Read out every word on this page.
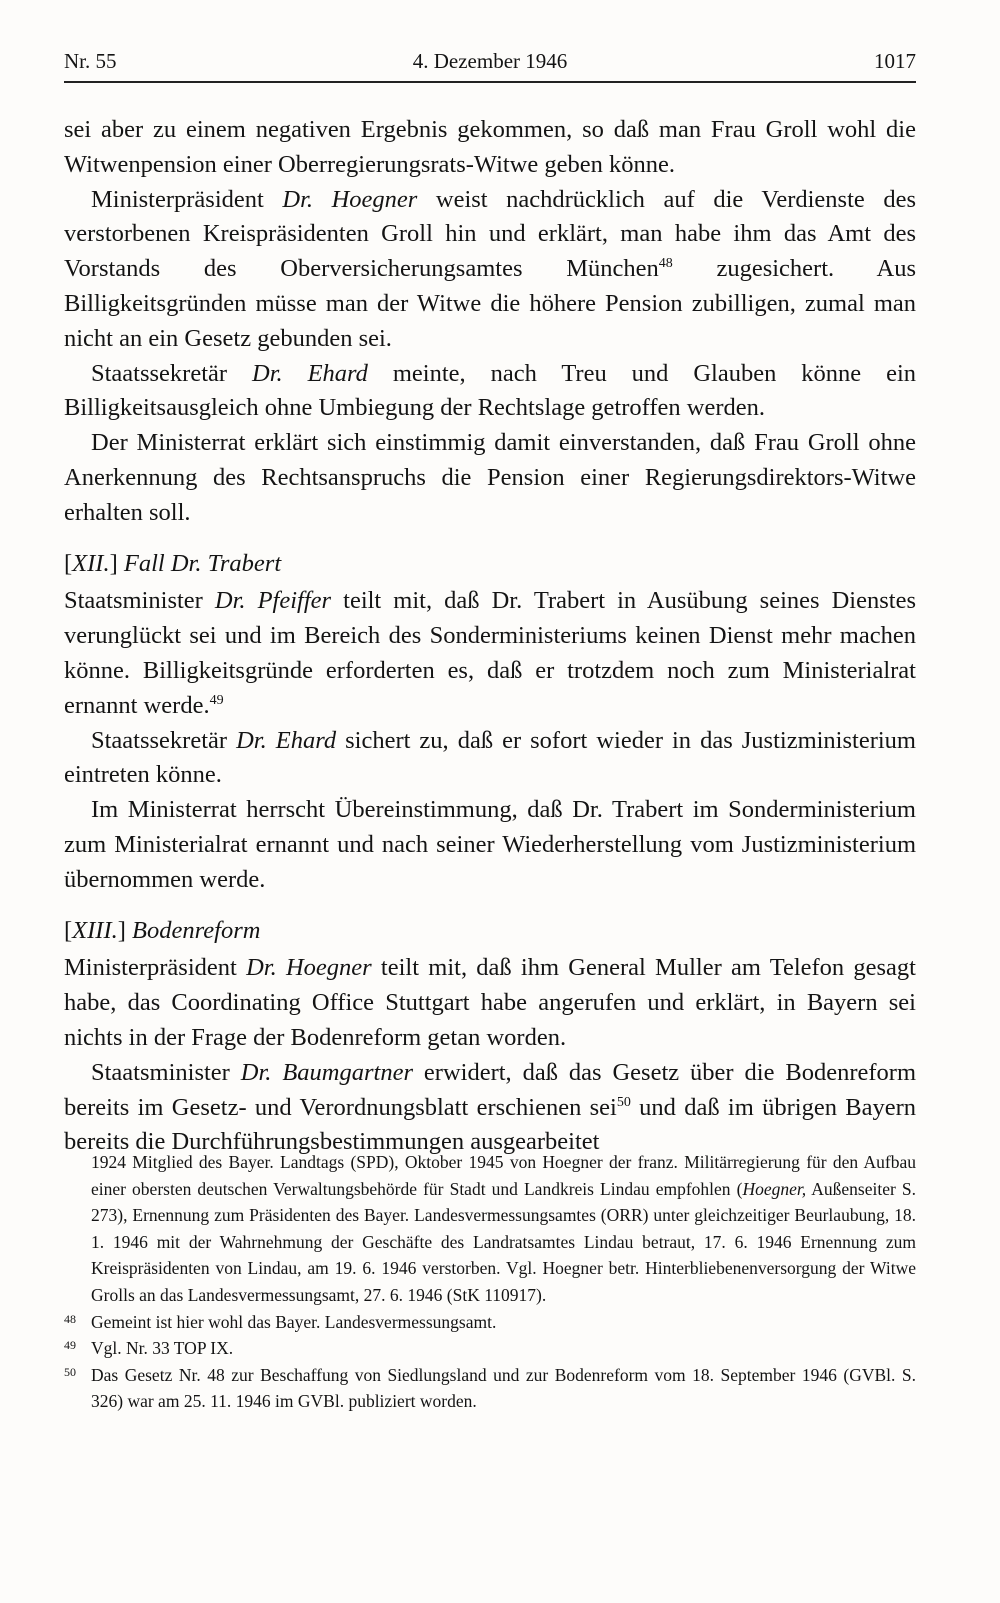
Nr. 55	4. Dezember 1946	1017

sei aber zu einem negativen Ergebnis gekommen, so daß man Frau Groll wohl die Witwenpension einer Oberregierungsrats-Witwe geben könne.

Ministerpräsident Dr. Hoegner weist nachdrücklich auf die Verdienste des verstorbenen Kreispräsidenten Groll hin und erklärt, man habe ihm das Amt des Vorstands des Oberversicherungsamtes München$^{48}$ zugesichert. Aus Billigkeitsgründen müsse man der Witwe die höhere Pension zubilligen, zumal man nicht an ein Gesetz gebunden sei.

Staatssekretär Dr. Ehard meinte, nach Treu und Glauben könne ein Billigkeitsausgleich ohne Umbiegung der Rechtslage getroffen werden.

Der Ministerrat erklärt sich einstimmig damit einverstanden, daß Frau Groll ohne Anerkennung des Rechtsanspruchs die Pension einer Regierungsdirektors-Witwe erhalten soll.

[XII.] Fall Dr. Trabert

Staatsminister Dr. Pfeiffer teilt mit, daß Dr. Trabert in Ausübung seines Dienstes verunglückt sei und im Bereich des Sonderministeriums keinen Dienst mehr machen könne. Billigkeitsgründe erforderten es, daß er trotzdem noch zum Ministerialrat ernannt werde.$^{49}$

Staatssekretär Dr. Ehard sichert zu, daß er sofort wieder in das Justizministerium eintreten könne.

Im Ministerrat herrscht Übereinstimmung, daß Dr. Trabert im Sonderministerium zum Ministerialrat ernannt und nach seiner Wiederherstellung vom Justizministerium übernommen werde.

[XIII.] Bodenreform

Ministerpräsident Dr. Hoegner teilt mit, daß ihm General Muller am Telefon gesagt habe, das Coordinating Office Stuttgart habe angerufen und erklärt, in Bayern sei nichts in der Frage der Bodenreform getan worden.

Staatsminister Dr. Baumgartner erwidert, daß das Gesetz über die Bodenreform bereits im Gesetz- und Verordnungsblatt erschienen sei$^{50}$ und daß im übrigen Bayern bereits die Durchführungsbestimmungen ausgearbeitet

1924 Mitglied des Bayer. Landtags (SPD), Oktober 1945 von Hoegner der franz. Militärregierung für den Aufbau einer obersten deutschen Verwaltungsbehörde für Stadt und Landkreis Lindau empfohlen (Hoegner, Außenseiter S. 273), Ernennung zum Präsidenten des Bayer. Landesvermessungsamtes (ORR) unter gleichzeitiger Beurlaubung, 18. 1. 1946 mit der Wahrnehmung der Geschäfte des Landratsamtes Lindau betraut, 17. 6. 1946 Ernennung zum Kreispräsidenten von Lindau, am 19. 6. 1946 verstorben. Vgl. Hoegner betr. Hinterbliebenenversorgung der Witwe Grolls an das Landesvermessungsamt, 27. 6. 1946 (StK 110917).

48 Gemeint ist hier wohl das Bayer. Landesvermessungsamt.

49 Vgl. Nr. 33 TOP IX.

50 Das Gesetz Nr. 48 zur Beschaffung von Siedlungsland und zur Bodenreform vom 18. September 1946 (GVBl. S. 326) war am 25. 11. 1946 im GVBl. publiziert worden.
